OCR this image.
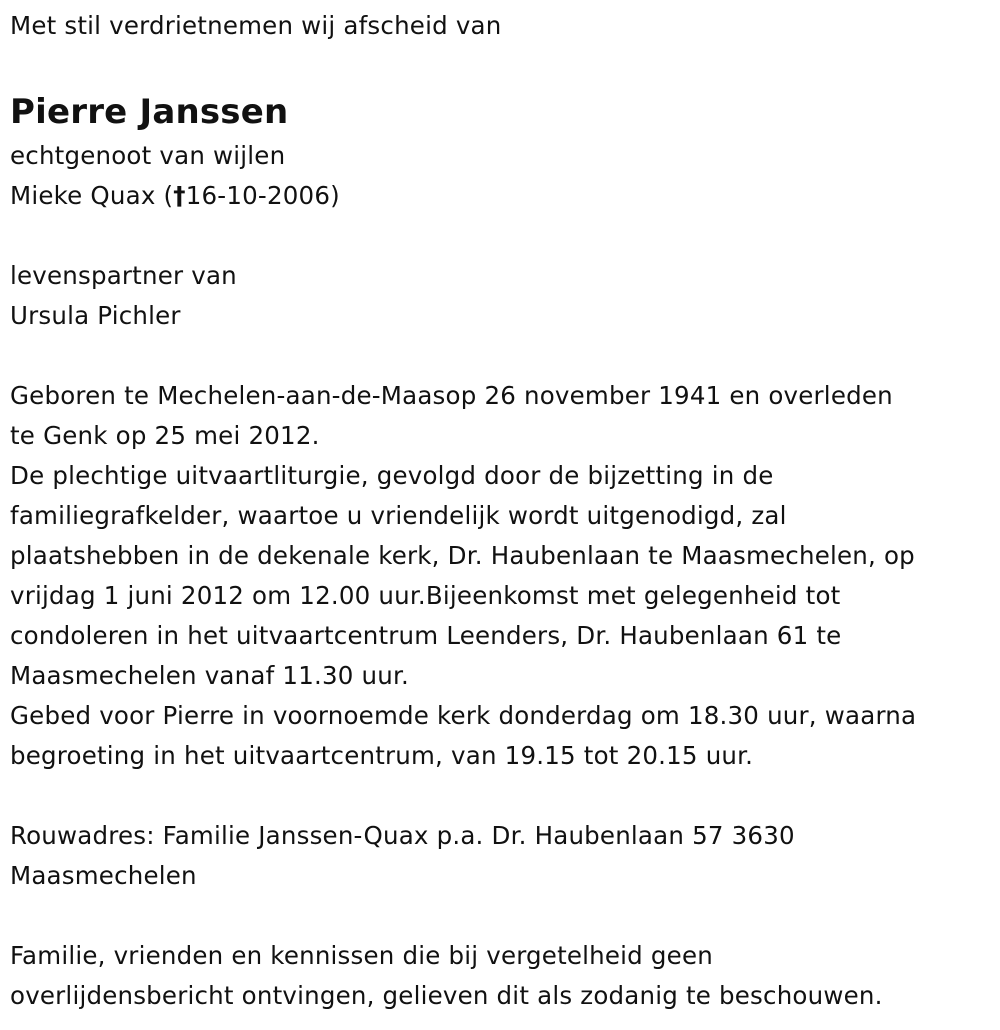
Met stil verdrietnemen wij afscheid van
Pierre Janssen
echtgenoot van wijlen
Mieke Quax (†16-10-2006)
levenspartner van
Ursula Pichler
Geboren te Mechelen-aan-de-Maasop 26 november 1941 en overleden
te Genk op 25 mei 2012.
De plechtige uitvaartliturgie, gevolgd door de bijzetting in de
familiegrafkelder, waartoe u vriendelijk wordt uitgenodigd, zal
plaatshebben in de dekenale kerk, Dr. Haubenlaan te Maasmechelen, op
vrijdag 1 juni 2012 om 12.00 uur.Bijeenkomst met gelegenheid tot
condoleren in het uitvaartcentrum Leenders, Dr. Haubenlaan 61 te
Maasmechelen vanaf 11.30 uur.
Gebed voor Pierre in voornoemde kerk donderdag om 18.30 uur, waarna
begroeting in het uitvaartcentrum, van 19.15 tot 20.15 uur.
Rouwadres: Familie Janssen-Quax p.a. Dr. Haubenlaan 57 3630
Maasmechelen
Familie, vrienden en kennissen die bij vergetelheid geen
overlijdensbericht ontvingen, gelieven dit als zodanig te beschouwen.
